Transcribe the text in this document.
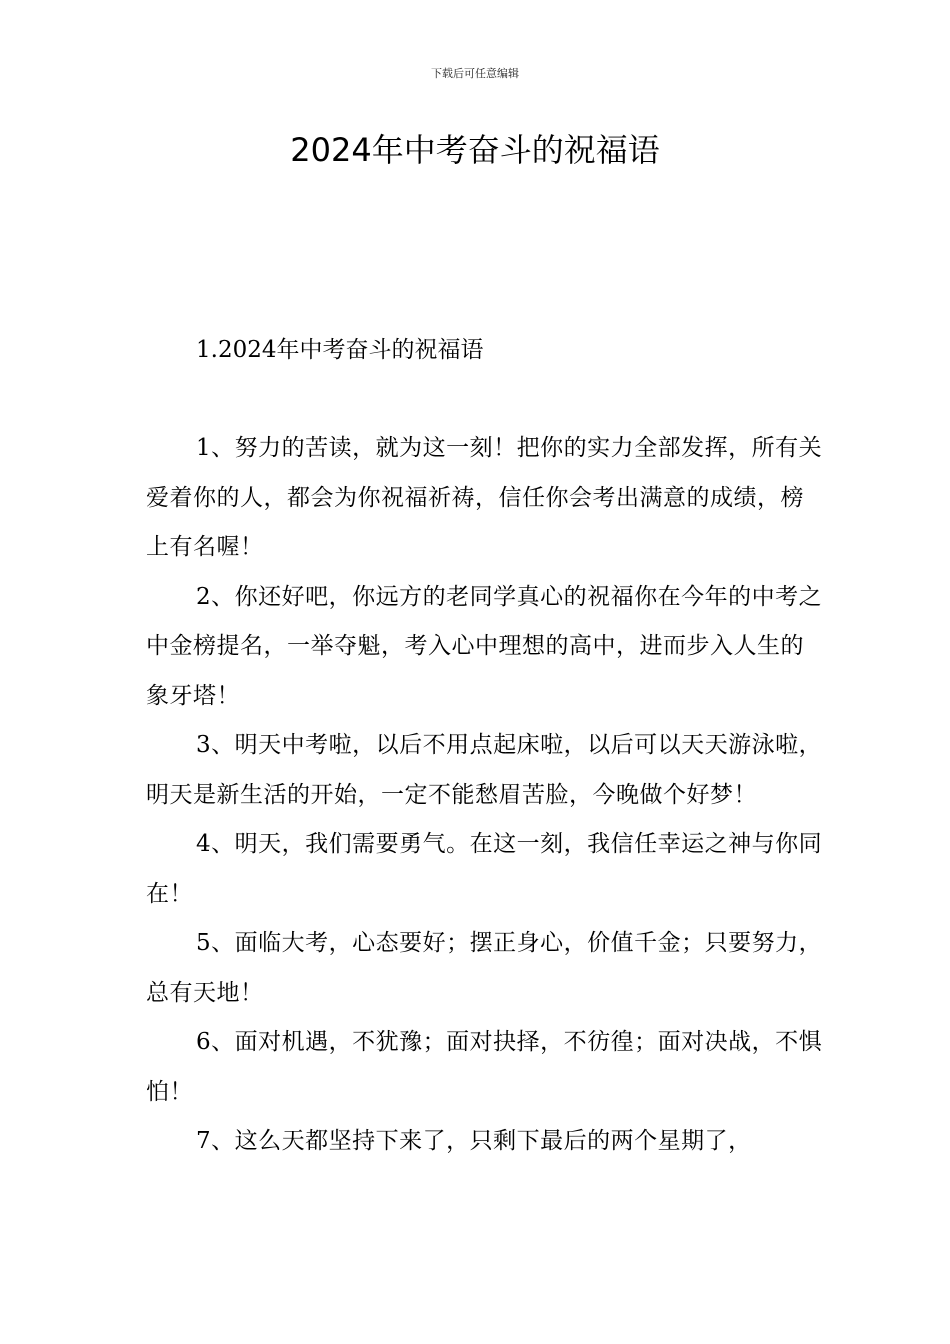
下载后可任意编辑
2024年中考奋斗的祝福语
1.2024年中考奋斗的祝福语

1、努力的苦读，就为这一刻！把你的实力全部发挥，所有关爱着你的人，都会为你祝福祈祷，信任你会考出满意的成绩，榜上有名喔！

2、你还好吧，你远方的老同学真心的祝福你在今年的中考之中金榜提名，一举夺魁，考入心中理想的高中，进而步入人生的象牙塔！

3、明天中考啦，以后不用点起床啦，以后可以天天游泳啦，明天是新生活的开始，一定不能愁眉苦脸，今晚做个好梦！

4、明天，我们需要勇气。在这一刻，我信任幸运之神与你同在！

5、面临大考，心态要好；摆正身心，价值千金；只要努力，总有天地！

6、面对机遇，不犹豫；面对抉择，不彷徨；面对决战，不惧怕！

7、这么天都坚持下来了，只剩下最后的两个星期了，
